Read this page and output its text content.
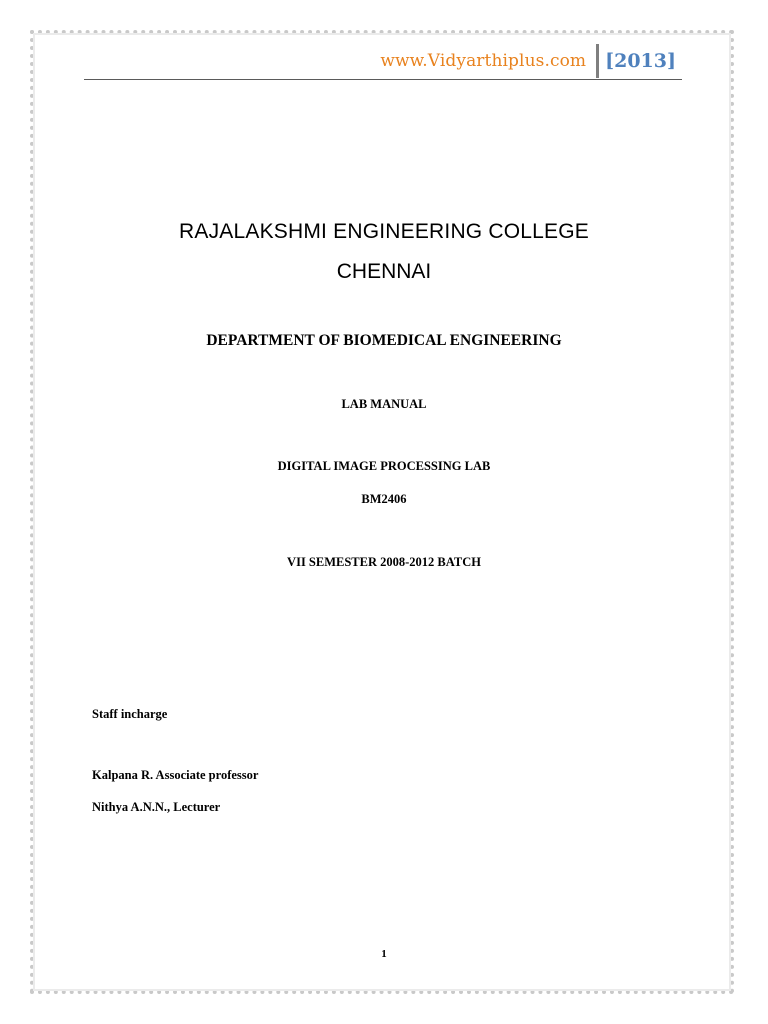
www.Vidyarthiplus.com [2013]
RAJALAKSHMI ENGINEERING COLLEGE
CHENNAI
DEPARTMENT OF BIOMEDICAL ENGINEERING
LAB MANUAL
DIGITAL IMAGE PROCESSING LAB
BM2406
VII SEMESTER 2008-2012 BATCH
Staff incharge
Kalpana R. Associate professor
Nithya A.N.N., Lecturer
1
